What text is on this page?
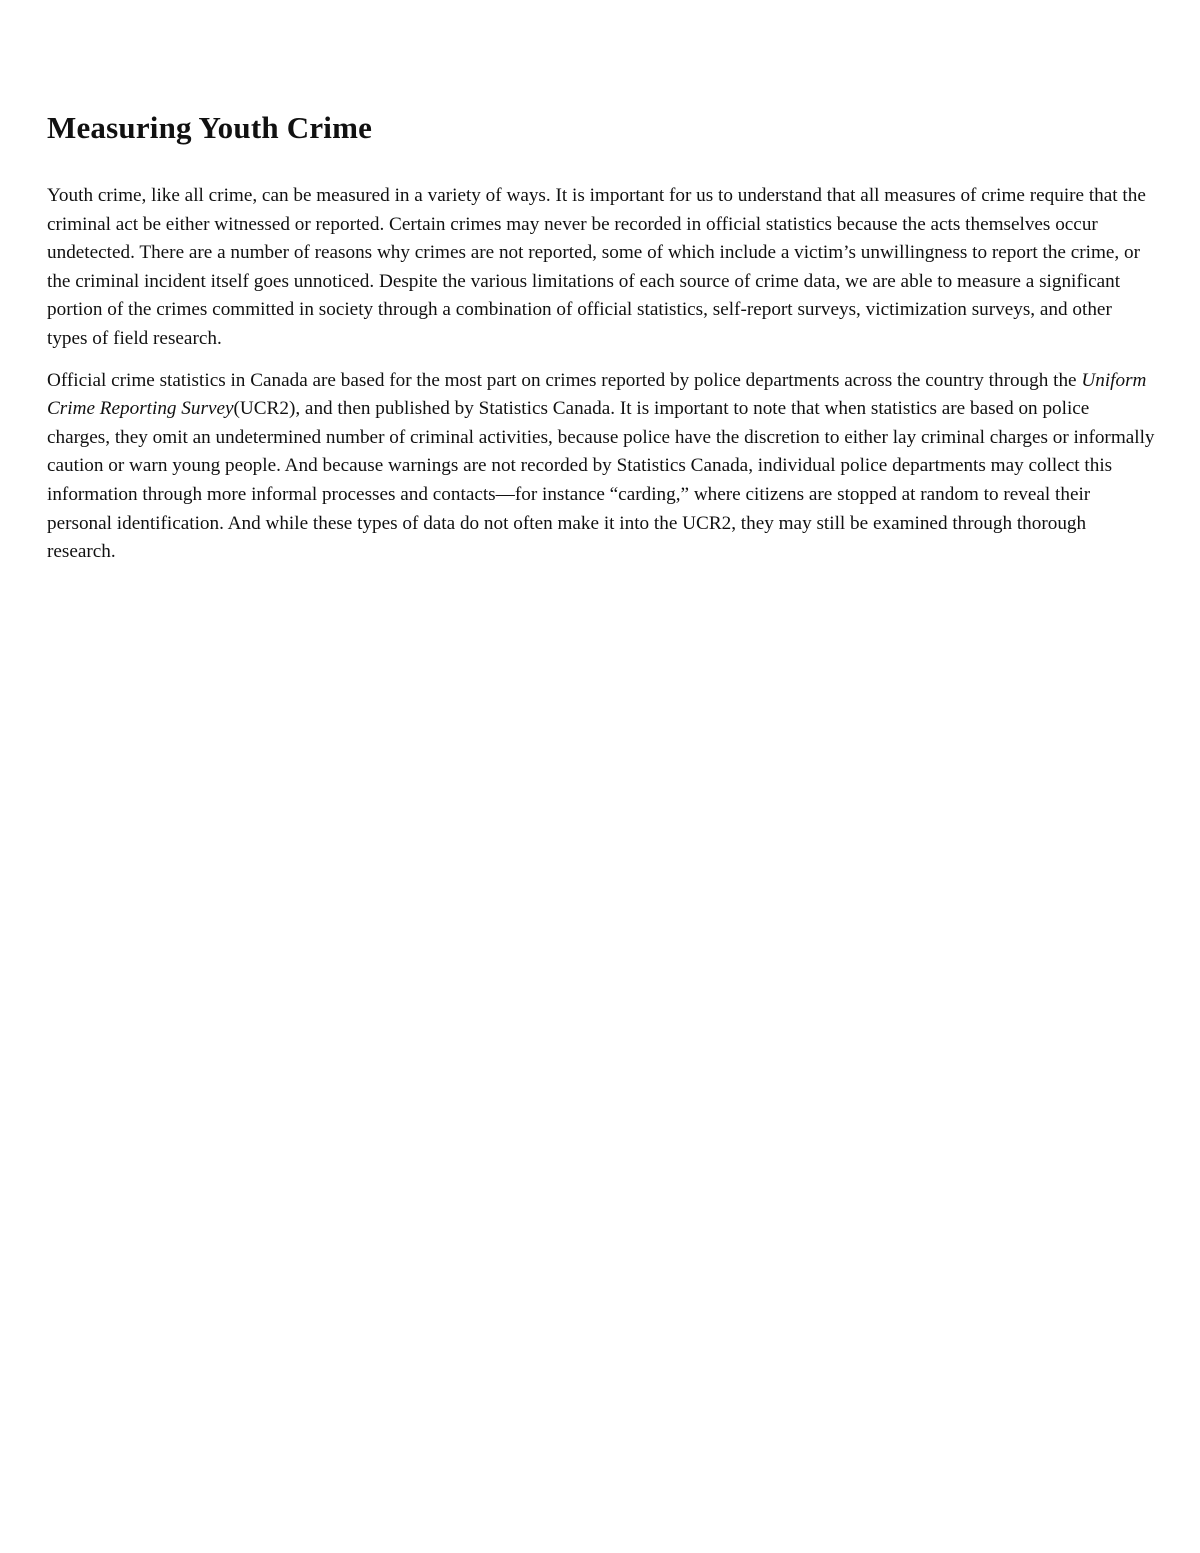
Measuring Youth Crime

Youth crime, like all crime, can be measured in a variety of ways. It is important for us to understand that all measures of crime require that the criminal act be either witnessed or reported. Certain crimes may never be recorded in official statistics because the acts themselves occur undetected. There are a number of reasons why crimes are not reported, some of which include a victim’s unwillingness to report the crime, or the criminal incident itself goes unnoticed. Despite the various limitations of each source of crime data, we are able to measure a significant portion of the crimes committed in society through a combination of official statistics, self-report surveys, victimization surveys, and other types of field research.

Official crime statistics in Canada are based for the most part on crimes reported by police departments across the country through the Uniform Crime Reporting Survey(UCR2), and then published by Statistics Canada. It is important to note that when statistics are based on police charges, they omit an undetermined number of criminal activities, because police have the discretion to either lay criminal charges or informally caution or warn young people. And because warnings are not recorded by Statistics Canada, individual police departments may collect this information through more informal processes and contacts—for instance “carding,” where citizens are stopped at random to reveal their personal identification. And while these types of data do not often make it into the UCR2, they may still be examined through thorough research.
